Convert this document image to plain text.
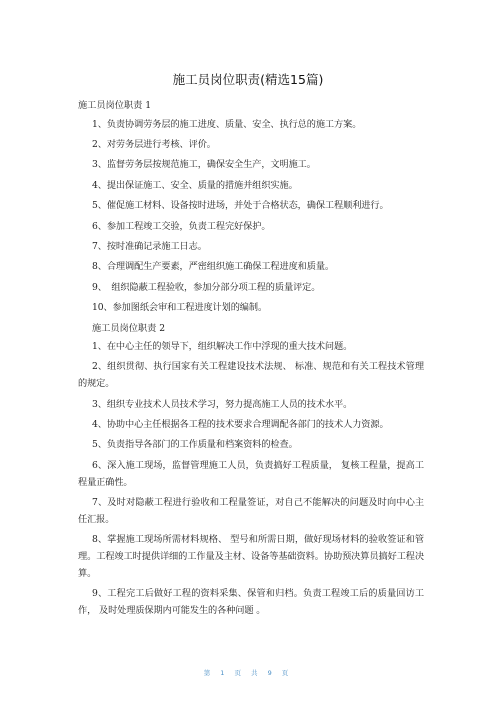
施工员岗位职责(精选15篇)
施工员岗位职责 1
1、负责协调劳务层的施工进度、质量、安全、执行总的施工方案。
2、对劳务层进行考核、评价。
3、监督劳务层按规范施工，确保安全生产，文明施工。
4、提出保证施工、安全、质量的措施并组织实施。
5、催促施工材料、设备按时进场，并处于合格状态，确保工程顺利进行。
6、参加工程竣工交验，负责工程完好保护。
7、按时准确记录施工日志。
8、合理调配生产要素，严密组织施工确保工程进度和质量。
9、　组织隐蔽工程验收，参加分部分项工程的质量评定。
10、参加图纸会审和工程进度计划的编制。
施工员岗位职责 2
1、在中心主任的领导下，组织解决工作中浮现的重大技术问题。
2、组织贯彻、执行国家有关工程建设技术法规、 标准、规范和有关工程技术管理的规定。
3、组织专业技术人员技术学习，努力提高施工人员的技术水平。
4、协助中心主任根据各工程的技术要求合理调配各部门的技术人力资源。
5、负责指导各部门的工作质量和档案资料的检查。
6、深入施工现场，监督管理施工人员，负责搞好工程质量， 复核工程量，提高工程量正确性。
7、及时对隐蔽工程进行验收和工程量签证，对自己不能解决的问题及时向中心主任汇报。
8、掌握施工现场所需材料规格、 型号和所需日期，做好现场材料的验收签证和管理。工程竣工时提供详细的工作量及主材、设备等基础资料。协助预决算员搞好工程决算。
9、工程完工后做好工程的资料采集、保管和归档。负责工程竣工后的质量回访工作， 及时处理质保期内可能发生的各种问题 。
第 1 页 共 9 页
